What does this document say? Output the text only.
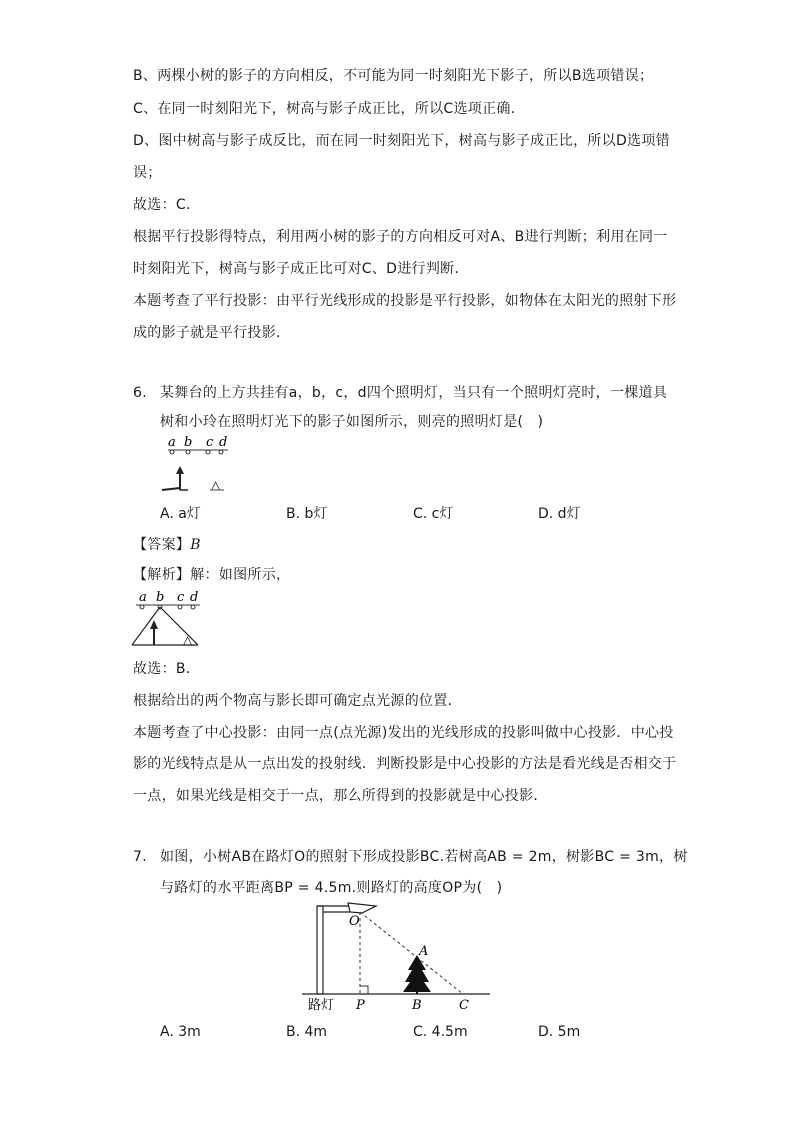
B、两棵小树的影子的方向相反，不可能为同一时刻阳光下影子，所以B选项错误；
C、在同一时刻阳光下，树高与影子成正比，所以C选项正确．
D、图中树高与影子成反比，而在同一时刻阳光下，树高与影子成正比，所以D选项错
误；
故选：C．
根据平行投影得特点，利用两小树的影子的方向相反可对A、B进行判断；利用在同一
时刻阳光下，树高与影子成正比可对C、D进行判断．
本题考查了平行投影：由平行光线形成的投影是平行投影，如物体在太阳光的照射下形
成的影子就是平行投影．
6. 某舞台的上方共挂有a，b，c，d四个照明灯，当只有一个照明灯亮时，一棵道具
树和小玲在照明灯光下的影子如图所示，则亮的照明灯是(　)
a b c d
△
A. a灯	B. b灯	C. c灯	D. d灯
【答案】B
【解析】解：如图所示，
a b c d
△
故选：B．
根据给出的两个物高与影长即可确定点光源的位置．
本题考查了中心投影：由同一点(点光源)发出的光线形成的投影叫做中心投影．中心投
影的光线特点是从一点出发的投射线．判断投影是中心投影的方法是看光线是否相交于
一点，如果光线是相交于一点，那么所得到的投影就是中心投影．
7. 如图，小树AB在路灯O的照射下形成投影BC.若树高AB = 2m，树影BC = 3m，树
与路灯的水平距离BP = 4.5m.则路灯的高度OP为(　)
O
A
P	B	C
路灯
A. 3m	B. 4m	C. 4.5m	D. 5m
